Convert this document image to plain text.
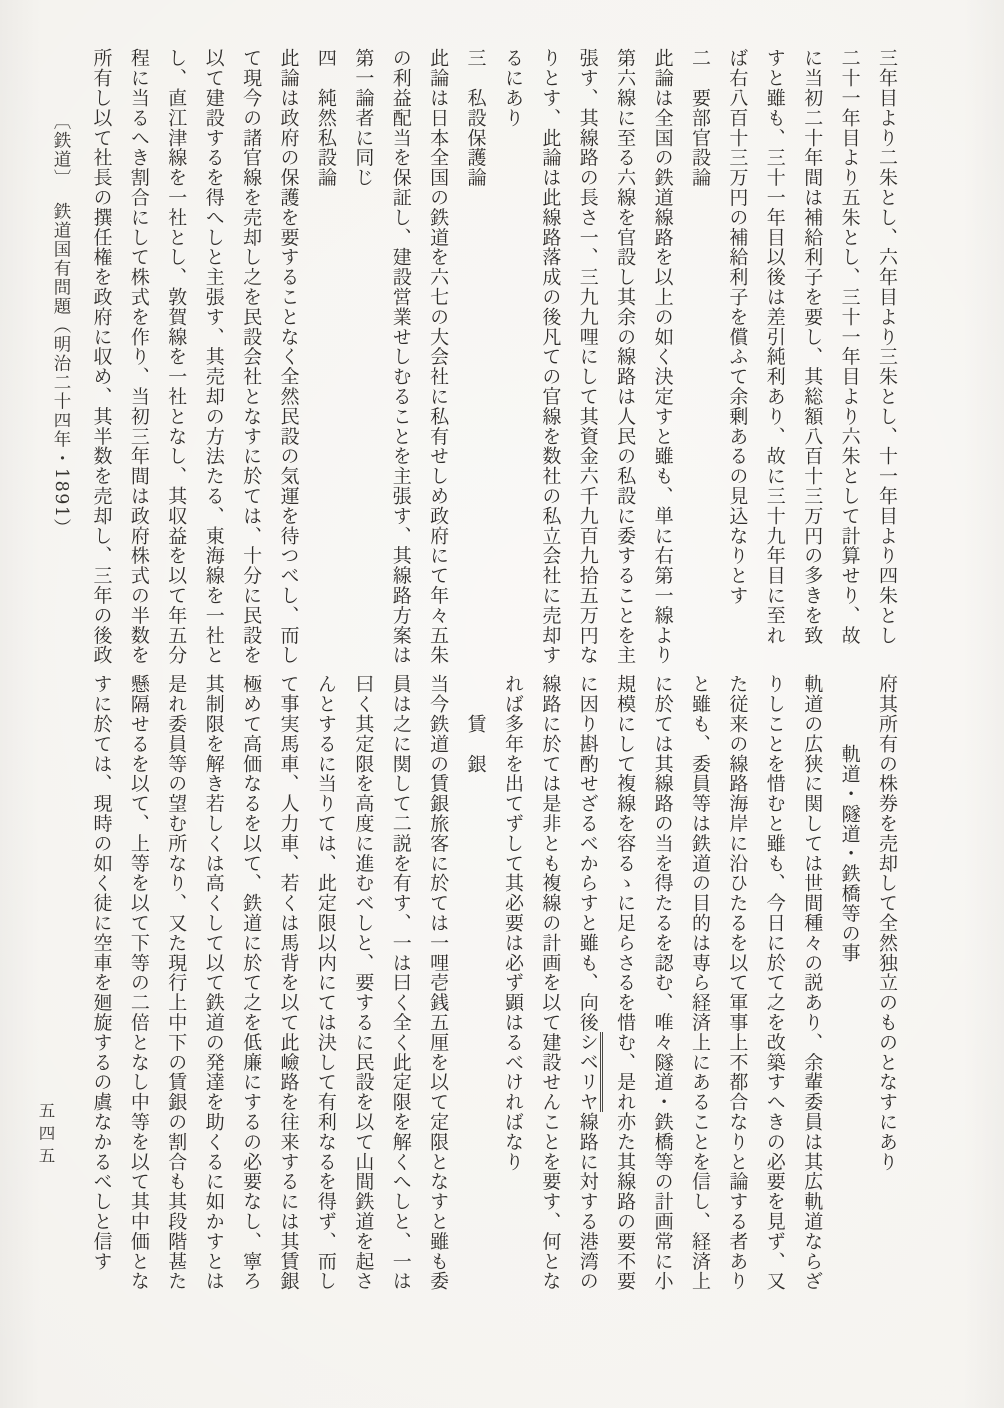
三年目より二朱とし、六年目より三朱とし、十一年目より四朱とし
二十一年目より五朱とし、三十一年目より六朱として計算せり、故
に当初二十年間は補給利子を要し、其総額八百十三万円の多きを致
すと雖も、三十一年目以後は差引純利あり、故に三十九年目に至れ
ば右八百十三万円の補給利子を償ふて余剰あるの見込なりとす
二　要部官設論
此論は全国の鉄道線路を以上の如く決定すと雖も、単に右第一線より
第六線に至る六線を官設し其余の線路は人民の私設に委することを主
張す、其線路の長さ一、三九九哩にして其資金六千九百九拾五万円な
りとす、此論は此線路落成の後凡ての官線を数社の私立会社に売却す
るにあり
三　私設保護論
此論は日本全国の鉄道を六七の大会社に私有せしめ政府にて年々五朱
の利益配当を保証し、建設営業せしむることを主張す、其線路方案は
第一論者に同じ
四　純然私設論
此論は政府の保護を要することなく全然民設の気運を待つべし、而し
て現今の諸官線を売却し之を民設会社となすに於ては、十分に民設を
以て建設するを得へしと主張す、其売却の方法たる、東海線を一社と
し、直江津線を一社とし、敦賀線を一社となし、其収益を以て年五分
程に当るへき割合にして株式を作り、当初三年間は政府株式の半数を
所有し以て社長の撰任権を政府に収め、其半数を売却し、三年の後政
府其所有の株券を売却して全然独立のものとなすにあり
軌道・隧道・鉄橋等の事
軌道の広狭に関しては世間種々の説あり、余輩委員は其広軌道ならざ
りしことを惜むと雖も、今日に於て之を改築すへきの必要を見ず、又
た従来の線路海岸に沿ひたるを以て軍事上不都合なりと論する者あり
と雖も、委員等は鉄道の目的は専ら経済上にあることを信し、経済上
に於ては其線路の当を得たるを認む、唯々隧道・鉄橋等の計画常に小
規模にして複線を容るゝに足らさるを惜む、是れ亦た其線路の要不要
に因り斟酌せざるべからすと雖も、向後シベリヤ線路に対する港湾の
線路に於ては是非とも複線の計画を以て建設せんことを要す、何とな
れば多年を出てずして其必要は必ず顕はるべければなり
賃　銀
当今鉄道の賃銀旅客に於ては一哩壱銭五厘を以て定限となすと雖も委
員は之に関して二説を有す、一は曰く全く此定限を解くへしと、一は
曰く其定限を高度に進むべしと、要するに民設を以て山間鉄道を起さ
んとするに当りては、此定限以内にては決して有利なるを得ず、而し
て事実馬車、人力車、若くは馬背を以て此嶮路を往来するには其賃銀
極めて高価なるを以て、鉄道に於て之を低廉にするの必要なし、寧ろ
其制限を解き若しくは高くして以て鉄道の発達を助くるに如かすとは
是れ委員等の望む所なり、又た現行上中下の賃銀の割合も其段階甚た
懸隔せるを以て、上等を以て下等の二倍となし中等を以て其中価とな
すに於ては、現時の如く徒に空車を廻旋するの虞なかるべしと信す
〔鉄道〕鉄道国有問題（明治二十四年・1891）
五四五
